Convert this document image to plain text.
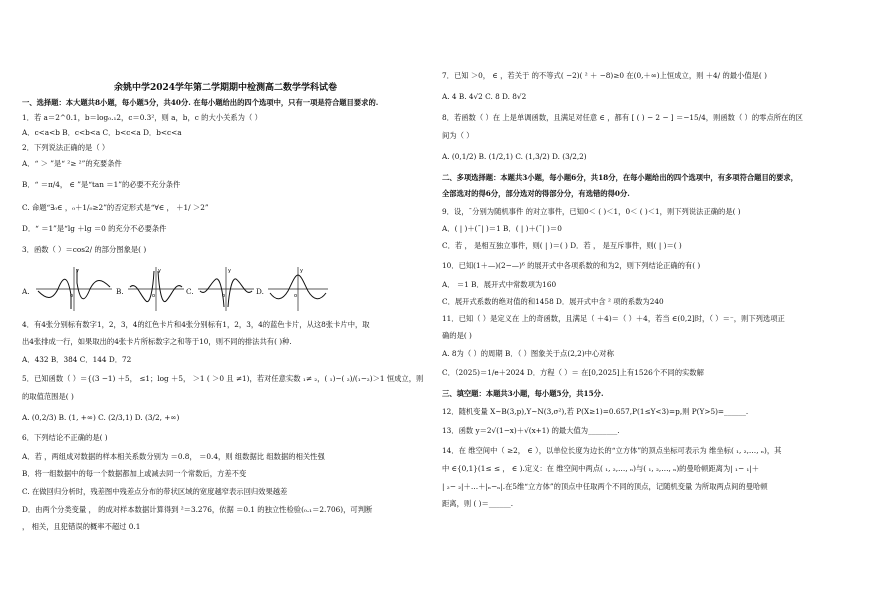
余姚中学2024学年第二学期期中检测高二数学学科试卷
一、选择题：本大题共8小题，每小题5分，共40分. 在每小题给出的四个选项中，只有一项是符合题目要求的.
1．若 a＝2^0.1，b＝log₀.₁2，c＝0.3²，则 a，b，c 的大小关系为（ ）
A．c<a<b B．c<b<a C．b<c<a D．b<c<a
2．下列说法正确的是（ ）
A．“ ＞ ”是“ ²≥ ²”的充要条件
B．“ ＝π/4， ∈ ”是“tan ＝1”的必要不充分条件
C. 命题“∃₀∈ ，₀＋1/₀≥2”的否定形式是“∀∈ ， ＋1/ ＞2”
D．“ ＝1”是“lg ＋lg ＝0 的充分不必要条件
3．函数（ ）＝cos2/ 的部分图象是( )
A.	o
y
B.	o
y
C.	o
y
D.	o
y
4．有4张分别标有数字1，2，3，4的红色卡片和4张分别标有1，2，3，4的蓝色卡片，从这8张卡片中，取
出4张排成一行，如果取出的4张卡片所标数字之和等于10，则不同的排法共有( )种.
A．432 B．384 C．144 D．72
5．已知函数（ ）＝{(3 −1) ＋5， ≤1；log ＋5， ＞1 ( ＞0 且 ≠1)，若对任意实数 ₁≠ ₂，( ₁)−( ₂)/(₁−₂)＞1 恒成立，则
的取值范围是( )
A. (0,2/3) B. (1, +∞) C. (2/3,1) D. (3/2, +∞)
6．下列结论不正确的是( )
A．若 ，两组成对数据的样本相关系数分别为 ＝0.8， ＝0.4，则 组数据比 组数据的相关性强
B．将一组数据中的每一个数据都加上或减去同一个常数后，方差不变
C. 在做回归分析时，残差图中残差点分布的带状区域的宽度越窄表示回归效果越差
D．由两个分类变量 ， 的成对样本数据计算得到 ²＝3.276，依据 ＝0.1 的独立性检验(₀.₁＝2.706)，可判断
， 相关，且犯错误的概率不超过 0.1
7．已知 ＞0， ∈ ，若关于 的不等式( −2)( ² ＋ −8)≥0 在(0,＋∞)上恒成立，则 ＋4/ 的最小值是( )
A. 4 B. 4√2 C. 8 D. 8√2
8．若函数（ ）在 上是单调函数，且满足对任意 ∈ ，都有 [ ( ) − 2 − ] ＝−15/4，则函数（ ）的零点所在的区
间为（ ）
A. (0,1/2) B. (1/2,1) C. (1,3/2) D. (3/2,2)
二、多项选择题：本题共3小题，每小题6分，共18分，在每小题给出的四个选项中，有多项符合题目的要求，
全部选对的得6分，部分选对的得部分分，有选错的得0分.
9．设，¯分别为随机事件 的对立事件，已知0＜ ( )＜1，0＜ ( )＜1，则下列说法正确的是( )
A．( | )＋(¯| )＝1 B．( | )＋(¯| )＝0
C．若 ， 是相互独立事件，则( | )＝( ) D．若 ， 是互斥事件，则( | )＝( )
10．已知(1＋—)(2−—)⁶ 的展开式中各项系数的和为2，则下列结论正确的有( )
A． ＝1 B．展开式中常数项为160
C．展开式系数的绝对值的和1458 D．展开式中含 ² 项的系数为240
11．已知（ ）是定义在 上的奇函数，且满足（ ＋4)＝（ ）＋4，若当 ∈(0,2]时，（ ）＝⁻，则下列选项正
确的是( )
A. 8为（ ）的周期 B．（ ）图象关于点(2,2)中心对称
C．（2025)＝1/e＋2024 D．方程（ ）＝ 在[0,2025]上有1526个不同的实数解
三、填空题：本题共3小题，每小题5分，共15分.
12．随机变量 X~B(3,p),Y~N(3,σ²),若 P(X≥1)=0.657,P(1≤Y<3)=p,则 P(Y>5)=______.
13．函数 y＝2√(1−x)＋√(x+1) 的最大值为________.
14．在 维空间中（ ≥2， ∈ ），以单位长度为边长的“立方体”的顶点坐标可表示为 维坐标( ₁, ₂,…, ₙ)，其
中 ∈{0,1}(1≤ ≤ ， ∈ ).定义：在 维空间中两点( ₁, ₂,…, ₙ)与( ₁, ₂,…, ₙ)的曼哈顿距离为| ₁− ₁|＋
| ₂− ₂|＋…＋|ₙ−ₙ|.在5维“立方体”的顶点中任取两个不同的顶点，记随机变量 为所取两点间的曼哈顿
距离，则 ( )＝______.
